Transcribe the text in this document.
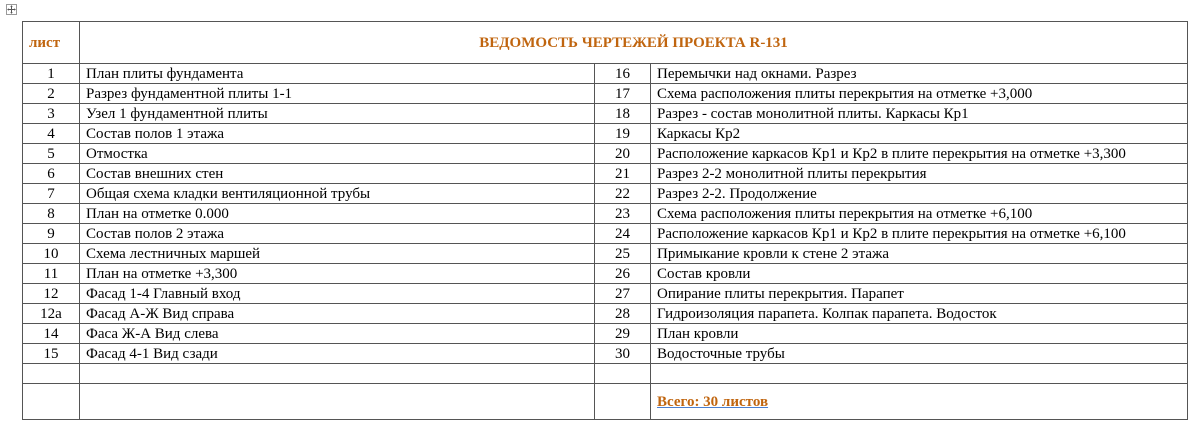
лист	ВЕДОМОСТЬ ЧЕРТЕЖЕЙ ПРОЕКТА R-131		
1	План плиты фундамента	16	Перемычки над окнами. Разрез
2	Разрез фундаментной плиты 1-1	17	Схема расположения плиты перекрытия на отметке +3,000
3	Узел 1 фундаментной плиты	18	Разрез - состав монолитной плиты. Каркасы Кр1
4	Состав полов 1 этажа	19	Каркасы Кр2
5	Отмостка	20	Расположение каркасов Кр1 и Кр2 в плите перекрытия на отметке +3,300
6	Состав внешних стен	21	Разрез 2-2 монолитной плиты перекрытия
7	Общая схема кладки вентиляционной трубы	22	Разрез 2-2. Продолжение
8	План на отметке 0.000	23	Схема расположения плиты перекрытия на отметке +6,100
9	Состав полов 2 этажа	24	Расположение каркасов Кр1 и Кр2 в плите перекрытия на отметке +6,100
10	Схема лестничных маршей	25	Примыкание кровли к стене 2 этажа
11	План на отметке +3,300	26	Состав кровли
12	Фасад 1-4 Главный вход	27	Опирание плиты перекрытия. Парапет
12а	Фасад А-Ж Вид справа	28	Гидроизоляция парапета. Колпак парапета. Водосток
14	Фаса Ж-А Вид слева	29	План кровли
15	Фасад 4-1 Вид сзади	30	Водосточные трубы

			Всего: 30 листов
